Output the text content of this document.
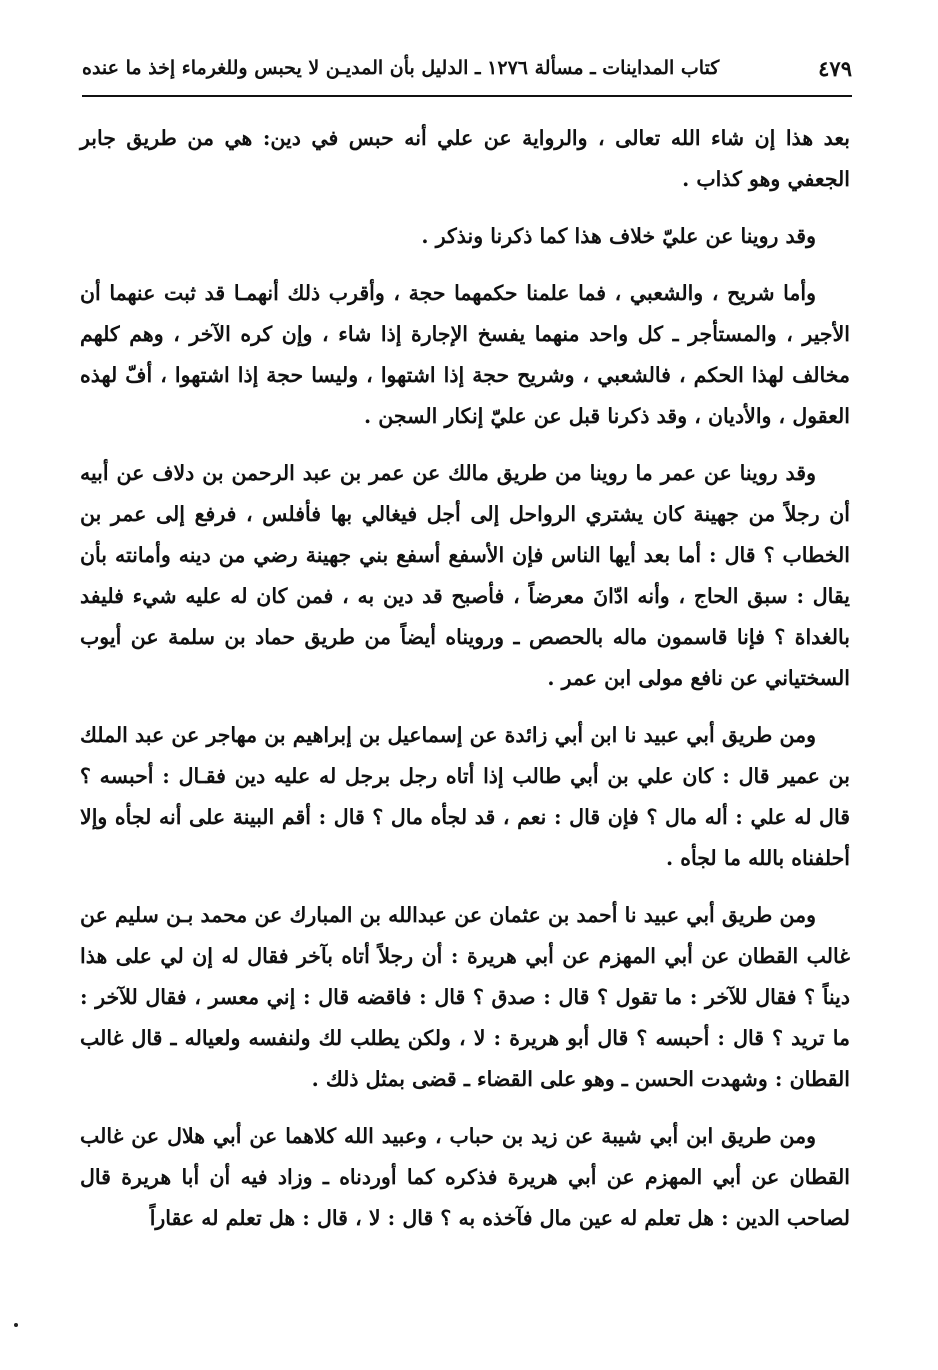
كتاب المداينات ـ مسألة ١٢٧٦ ـ الدليل بأن المديـن لا يحبس وللغرماء إخذ ما عنده	٤٧٩

بعد هذا إن شاء الله تعالى ، والرواية عن علي أنه حبس في دين: هي من طريق جابر الجعفي وهو كذاب .

وقد روينا عن عليّ خلاف هذا كما ذكرنا ونذكر .

وأما شريح ، والشعبي ، فما علمنا حكمهما حجة ، وأقرب ذلك أنهمـا قد ثبت عنهما أن الأجير ، والمستأجر ـ كل واحد منهما يفسخ الإجارة إذا شاء ، وإن كره الآخر ، وهم كلهم مخالف لهذا الحكم ، فالشعبي ، وشريح حجة إذا اشتهوا ، وليسا حجة إذا اشتهوا ، أفّ لهذه العقول ، والأديان ، وقد ذكرنا قبل عن عليّ إنكار السجن .

وقد روينا عن عمر ما روينا من طريق مالك عن عمر بن عبد الرحمن بن دلاف عن أبيه أن رجلاً من جهينة كان يشتري الرواحل إلى أجل فيغالي بها فأفلس ، فرفع إلى عمر بن الخطاب ؟ قال : أما بعد أيها الناس فإن الأسفع أسفع بني جهينة رضي من دينه وأمانته بأن يقال : سبق الحاج ، وأنه ادّانَ معرضاً ، فأصبح قد دين به ، فمن كان له عليه شيء فليفد بالغداة ؟ فإنا قاسمون ماله بالحصص ـ ورويناه أيضاً من طريق حماد بن سلمة عن أيوب السختياني عن نافع مولى ابن عمر .

ومن طريق أبي عبيد نا ابن أبي زائدة عن إسماعيل بن إبراهيم بن مهاجر عن عبد الملك بن عمير قال : كان علي بن أبي طالب إذا أتاه رجل برجل له عليه دين فقـال : أحبسه ؟ قال له علي : أله مال ؟ فإن قال : نعم ، قد لجأه مال ؟ قال : أقم البينة على أنه لجأه وإلا أحلفناه بالله ما لجأه .

ومن طريق أبي عبيد نا أحمد بن عثمان عن عبدالله بن المبارك عن محمد بـن سليم عن غالب القطان عن أبي المهزم عن أبي هريرة : أن رجلاً أتاه بآخر فقال له إن لي على هذا ديناً ؟ فقال للآخر : ما تقول ؟ قال : صدق ؟ قال : فاقضه قال : إني معسر ، فقال للآخر : ما تريد ؟ قال : أحبسه ؟ قال أبو هريرة : لا ، ولكن يطلب لك ولنفسه ولعياله ـ قال غالب القطان : وشهدت الحسن ـ وهو على القضاء ـ قضى بمثل ذلك .

ومن طريق ابن أبي شيبة عن زيد بن حباب ، وعبيد الله كلاهما عن أبي هلال عن غالب القطان عن أبي المهزم عن أبي هريرة فذكره كما أوردناه ـ وزاد فيه أن أبا هريرة قال لصاحب الدين : هل تعلم له عين مال فآخذه به ؟ قال : لا ، قال : هل تعلم له عقاراً
